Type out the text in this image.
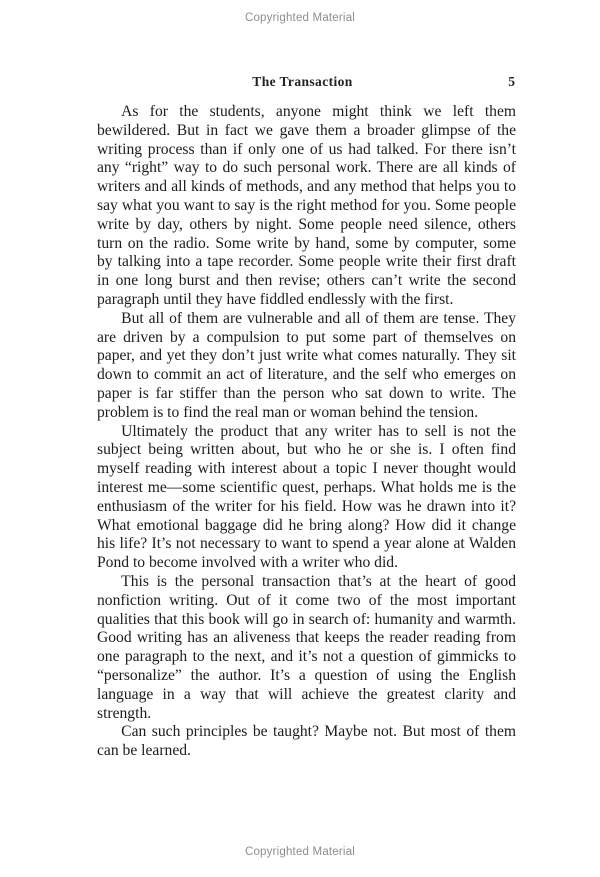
Copyrighted Material
The Transaction	5

As for the students, anyone might think we left them bewildered. But in fact we gave them a broader glimpse of the writing process than if only one of us had talked. For there isn’t any “right” way to do such personal work. There are all kinds of writers and all kinds of methods, and any method that helps you to say what you want to say is the right method for you. Some people write by day, others by night. Some people need silence, others turn on the radio. Some write by hand, some by computer, some by talking into a tape recorder. Some people write their first draft in one long burst and then revise; others can’t write the second paragraph until they have fiddled endlessly with the first.

But all of them are vulnerable and all of them are tense. They are driven by a compulsion to put some part of themselves on paper, and yet they don’t just write what comes naturally. They sit down to commit an act of literature, and the self who emerges on paper is far stiffer than the person who sat down to write. The problem is to find the real man or woman behind the tension.

Ultimately the product that any writer has to sell is not the subject being written about, but who he or she is. I often find myself reading with interest about a topic I never thought would interest me—some scientific quest, perhaps. What holds me is the enthusiasm of the writer for his field. How was he drawn into it? What emotional baggage did he bring along? How did it change his life? It’s not necessary to want to spend a year alone at Walden Pond to become involved with a writer who did.

This is the personal transaction that’s at the heart of good nonfiction writing. Out of it come two of the most important qualities that this book will go in search of: humanity and warmth. Good writing has an aliveness that keeps the reader reading from one paragraph to the next, and it’s not a question of gimmicks to “personalize” the author. It’s a question of using the English language in a way that will achieve the greatest clarity and strength.

Can such principles be taught? Maybe not. But most of them can be learned.

Copyrighted Material
